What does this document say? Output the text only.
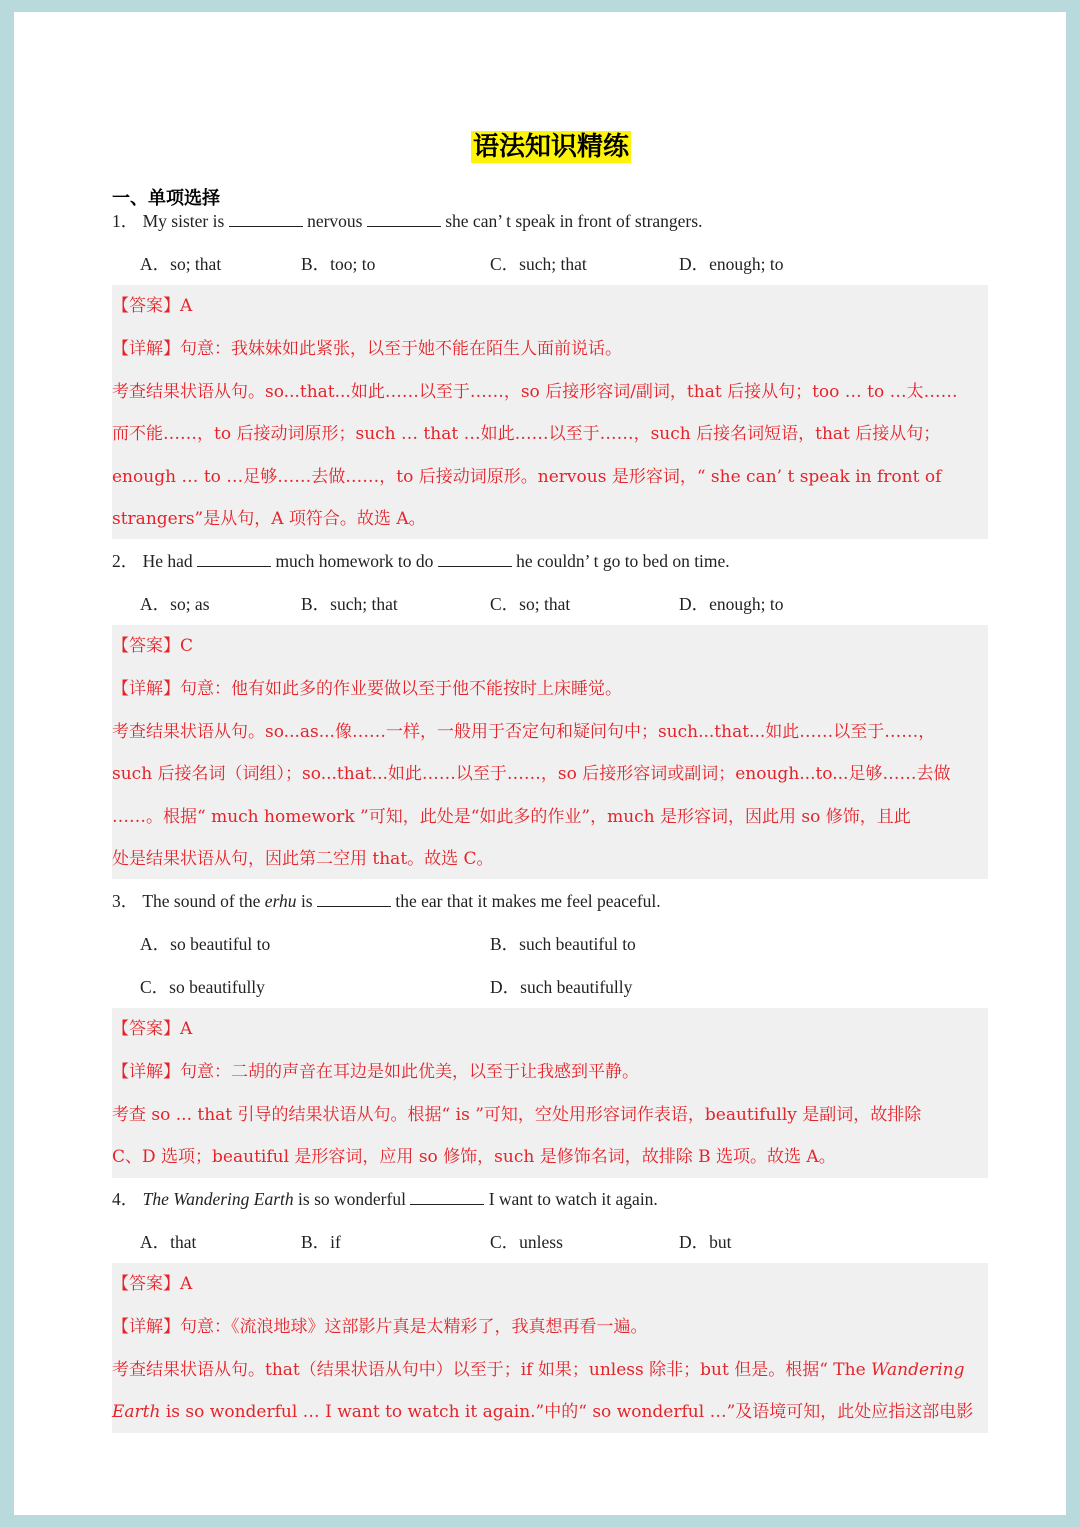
语法知识精练
一、单项选择
1． My sister is	nervous	she can’ t speak in front of strangers.
A．so; that	B．too; to	C．such; that	D．enough; to
【答案】A
【详解】句意：我妹妹如此紧张，以至于她不能在陌生人面前说话。
考查结果状语从句。so...that...如此……以至于……，so 后接形容词/副词，that 后接从句；too … to …太……
而不能……，to 后接动词原形；such … that …如此……以至于……，such 后接名词短语，that 后接从句；
enough … to …足够……去做……，to 后接动词原形。nervous 是形容词，“ she can’ t speak in front of
strangers”是从句，A 项符合。故选 A。
2． He had	much homework to do	he couldn’ t go to bed on time.
A．so; as	B．such; that	C．so; that	D．enough; to
【答案】C
【详解】句意：他有如此多的作业要做以至于他不能按时上床睡觉。
考查结果状语从句。so...as...像……一样，一般用于否定句和疑问句中；such...that...如此……以至于……，
such 后接名词（词组）；so...that...如此……以至于……，so 后接形容词或副词；enough...to...足够……去做
……。根据“ much homework ”可知，此处是“如此多的作业”，much 是形容词，因此用 so 修饰，且此
处是结果状语从句，因此第二空用 that。故选 C。
3． The sound of the erhu is	the ear that it makes me feel peaceful.
A．so beautiful to	B．such beautiful to
C．so beautifully	D．such beautifully
【答案】A
【详解】句意：二胡的声音在耳边是如此优美，以至于让我感到平静。
考查 so ... that 引导的结果状语从句。根据“ is ”可知，空处用形容词作表语，beautifully 是副词，故排除
C、D 选项；beautiful 是形容词，应用 so 修饰，such 是修饰名词，故排除 B 选项。故选 A。
4． The Wandering Earth is so wonderful	I want to watch it again.
A．that	B．if	C．unless	D．but
【答案】A
【详解】句意：《流浪地球》这部影片真是太精彩了，我真想再看一遍。
考查结果状语从句。that（结果状语从句中）以至于；if 如果；unless 除非；but 但是。根据“ The Wandering
Earth is so wonderful … I want to watch it again.”中的“ so wonderful …”及语境可知，此处应指这部电影
